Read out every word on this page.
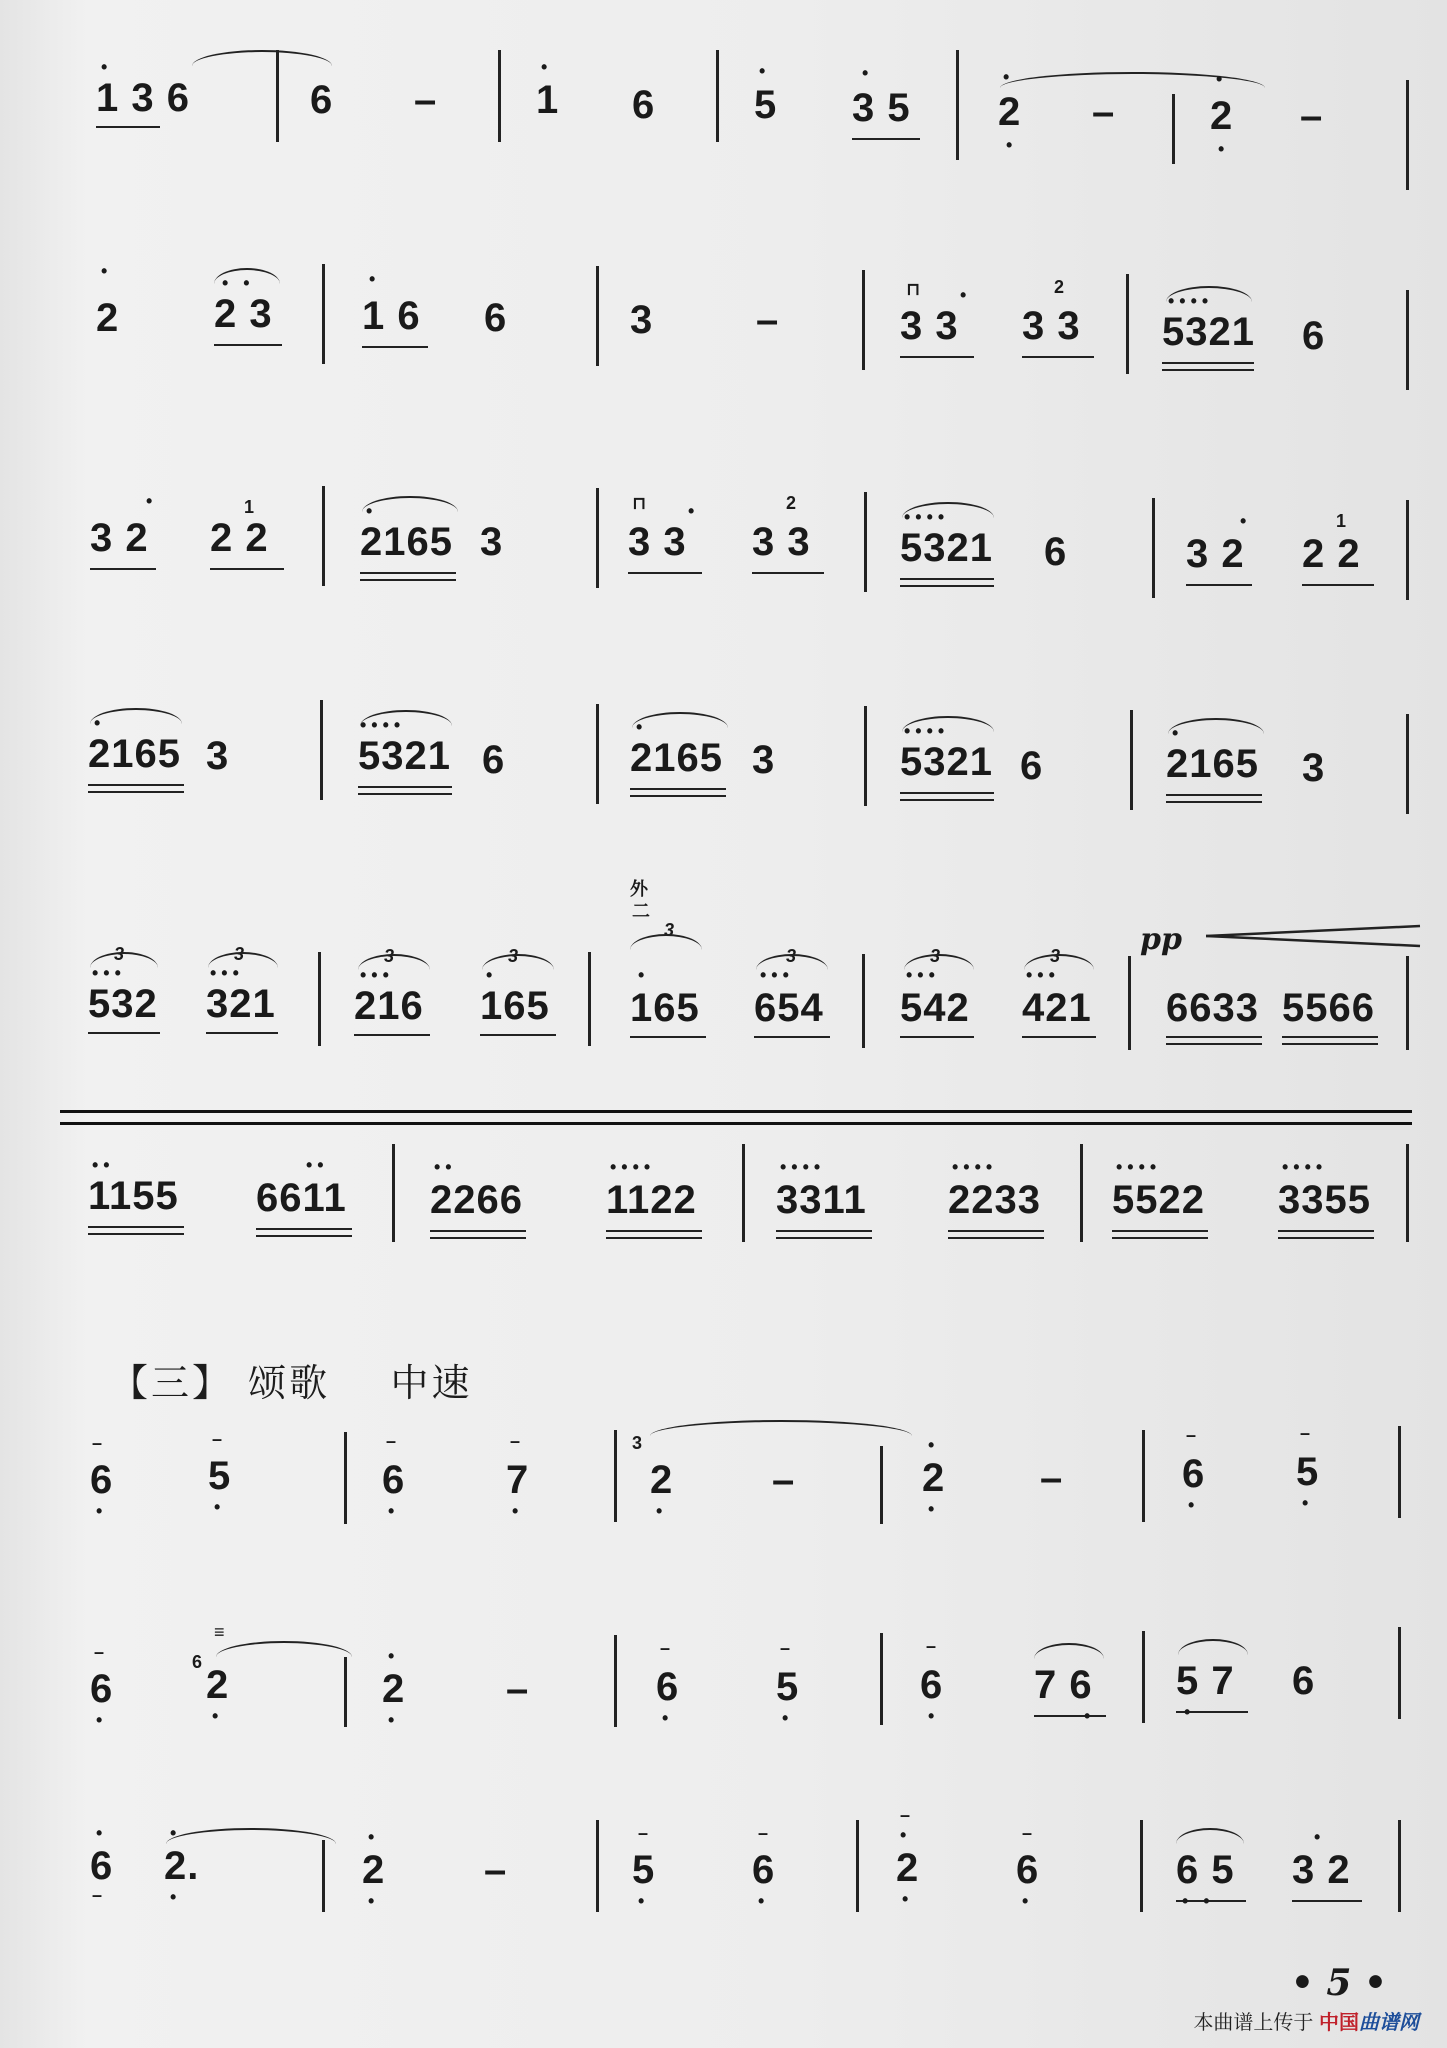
1 3 6
•
6 –
•
1 6
•
5
•
3 5
•
2
•
–
•
2
•
–
•
2
•   •
2 3
•
1 6 6	3	–
⊓ •
3 3
2
3 3
• • • •
5321 6
•
3 2
1
2 2
•
2165 3
⊓ •
3 3
2
3 3
• • • •
5321 6
•
3 2
1
2 2
•
2165 3
• • • •
5321 6
•
2165 3
• • • •
5321 6
•
2165 3
外
二
3
• • •
532
3
• • •
321
3
• • •
216
3
•
165
3
•
165
3
• • •
654
3
• • •
542
3
• • •
421
pp
6633 5566
• •
1155
• •
6611
• •
2266
• • • •
1122
• • • •
3311
• • • •
2233
• • • •
5522
• • • •
3355
【三】 颂歌 中速
–
6
•
–
5
•
–
6
•
–
7
•
3
2
•
–
•
2
•
–
–
6
•
–
5
•
–
6
•
≡
6
2
•
•
2
•
–
–
6
•
–
5
•
–
6
•
7 6
•
5 7
•
6
•
6
–
•
2.
•
•
2
•
–
–
5
•
–
6
•
–
•
2
•
–
6
•
6 5
•   •
•
3 2
• 5 •
本曲谱上传于 中国曲谱网
